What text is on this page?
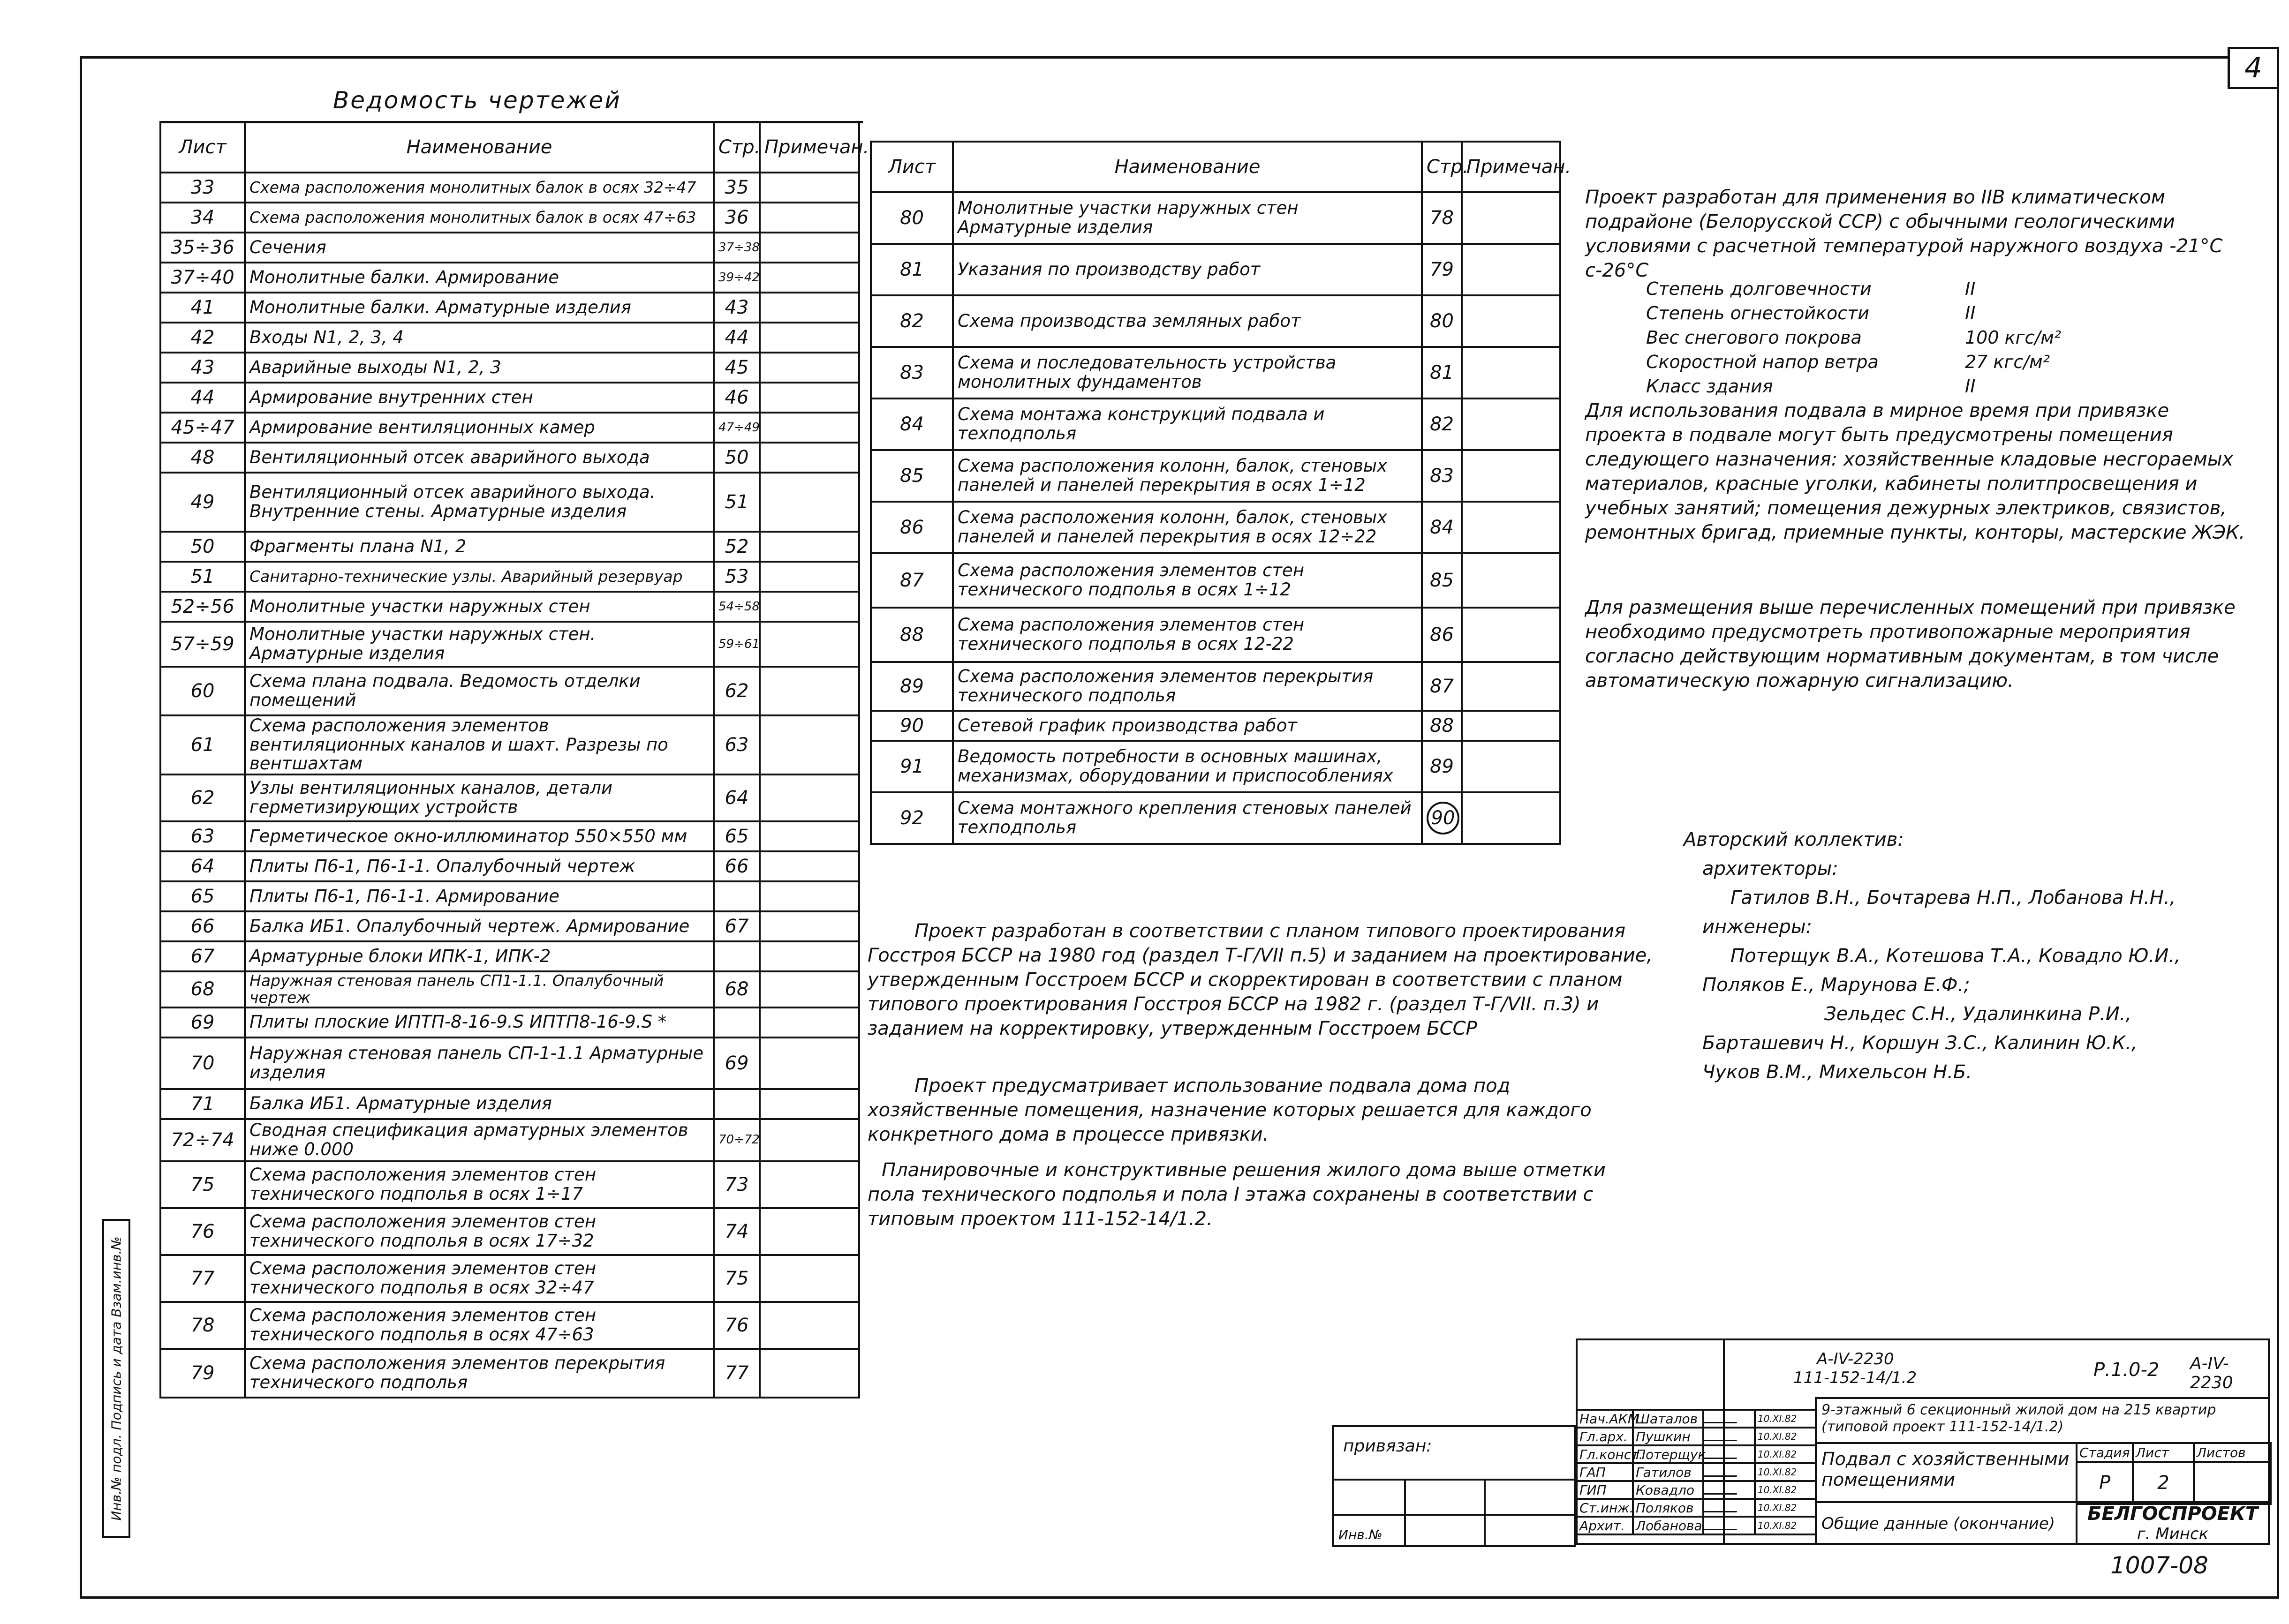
4
Ведомость чертежей
Лист	Наименование	Стр.	Примечан.
33	Схема расположения монолитных балок в осях 32÷47	35	
34	Схема расположения монолитных балок в осях 47÷63	36	
35÷36	Сечения	37÷38	
37÷40	Монолитные балки. Армирование	39÷42	
41	Монолитные балки. Арматурные изделия	43	
42	Входы N1, 2, 3, 4	44	
43	Аварийные выходы N1, 2, 3	45	
44	Армирование внутренних стен	46	
45÷47	Армирование вентиляционных камер	47÷49	
48	Вентиляционный отсек аварийного выхода	50	
49	Вентиляционный отсек аварийного выхода. Внутренние стены. Арматурные изделия	51	
50	Фрагменты плана N1, 2	52	
51	Санитарно-технические узлы. Аварийный резервуар	53	
52÷56	Монолитные участки наружных стен	54÷58	
57÷59	Монолитные участки наружных стен. Арматурные изделия	59÷61	
60	Схема плана подвала. Ведомость отделки помещений	62	
61	Схема расположения элементов вентиляционных каналов и шахт. Разрезы по вентшахтам	63	
62	Узлы вентиляционных каналов, детали герметизирующих устройств	64	
63	Герметическое окно-иллюминатор 550×550 мм	65	
64	Плиты П6-1, П6-1-1. Опалубочный чертеж	66	
65	Плиты П6-1, П6-1-1. Армирование		
66	Балка ИБ1. Опалубочный чертеж. Армирование	67	
67	Арматурные блоки ИПК-1, ИПК-2		
68	Наружная стеновая панель СП1-1.1. Опалубочный чертеж	68	
69	Плиты плоские ИПТП-8-16-9.S ИПТП8-16-9.S *		
70	Наружная стеновая панель СП-1-1.1 Арматурные изделия	69	
71	Балка ИБ1. Арматурные изделия		
72÷74	Сводная спецификация арматурных элементов ниже 0.000	70÷72	
75	Схема расположения элементов стен технического подполья в осях 1÷17	73	
76	Схема расположения элементов стен технического подполья в осях 17÷32	74	
77	Схема расположения элементов стен технического подполья в осях 32÷47	75	
78	Схема расположения элементов стен технического подполья в осях 47÷63	76	
79	Схема расположения элементов перекрытия технического подполья	77	
Лист	Наименование	Стр.	Примечан.
80	Монолитные участки наружных стен Арматурные изделия	78	
81	Указания по производству работ	79	
82	Схема производства земляных работ	80	
83	Схема и последовательность устройства монолитных фундаментов	81	
84	Схема монтажа конструкций подвала и техподполья	82	
85	Схема расположения колонн, балок, стеновых панелей и панелей перекрытия в осях 1÷12	83	
86	Схема расположения колонн, балок, стеновых панелей и панелей перекрытия в осях 12÷22	84	
87	Схема расположения элементов стен технического подполья в осях 1÷12	85	
88	Схема расположения элементов стен технического подполья в осях 12-22	86	
89	Схема расположения элементов перекрытия технического подполья	87	
90	Сетевой график производства работ	88	
91	Ведомость потребности в основных машинах, механизмах, оборудовании и приспособлениях	89	
92	Схема монтажного крепления стеновых панелей техподполья	90	
Проект разработан для применения во IIВ климатическом подрайоне (Белорусской ССР) с обычными геологическими условиями с расчетной температурой наружного воздуха -21°С с-26°С
Степень долговечности	II
Степень огнестойкости	II
Вес снегового покрова	100 кгс/м²
Скоростной напор ветра	27 кгс/м²
Класс здания	II
Для использования подвала в мирное время при привязке проекта в подвале могут быть предусмотрены помещения следующего назначения: хозяйственные кладовые несгораемых материалов, красные уголки, кабинеты политпросвещения и учебных занятий; помещения дежурных электриков, связистов, ремонтных бригад, приемные пункты, конторы, мастерские ЖЭК.
Для размещения выше перечисленных помещений при привязке необходимо предусмотреть противопожарные мероприятия согласно действующим нормативным документам, в том числе автоматическую пожарную сигнализацию.
Авторский коллектив:
архитекторы:
Гатилов В.Н., Бочтарева Н.П., Лобанова Н.Н.,
инженеры:
Потерщук В.А., Котешова Т.А., Ковадло Ю.И.,
Поляков Е., Марунова Е.Ф.;
Зельдес С.Н., Удалинкина Р.И.,
Барташевич Н., Коршун З.С., Калинин Ю.К.,
Чуков В.М., Михельсон Н.Б.
Проект разработан в соответствии с планом типового проектирования Госстроя БССР на 1980 год (раздел Т-Г/VII п.5) и заданием на проектирование, утвержденным Госстроем БССР и скорректирован в соответствии с планом типового проектирования Госстроя БССР на 1982 г. (раздел Т-Г/VII. п.3) и заданием на корректировку, утвержденным Госстроем БССР
Проект предусматривает использование подвала дома под хозяйственные помещения, назначение которых решается для каждого конкретного дома в процессе привязки.
Планировочные и конструктивные решения жилого дома выше отметки пола технического подполья и пола I этажа сохранены в соответствии с типовым проектом 111-152-14/1.2.
Инв.№ подл. Подпись и дата Взам.инв.№	А-IV-2230
А-IV-2230
111-152-14/1.2	Р.1.0-2
привязан:
Инв.№
Нач.АКМ	Шаталов		10.XI.82
Гл.арх.	Пушкин		10.XI.82
Гл.конст.	Потерщук		10.XI.82
ГАП	Гатилов		10.XI.82
ГИП	Ковадло		10.XI.82
Ст.инж.	Поляков		10.XI.82
Архит.	Лобанова		10.XI.82
9-этажный 6 секционный жилой дом на 215 квартир (типовой проект 111-152-14/1.2)
Подвал с хозяйственными помещениями
Стадия	Лист	Листов
Р	2	
Общие данные (окончание)	БЕЛГОСПРОЕКТ
г. Минск
1007-08
